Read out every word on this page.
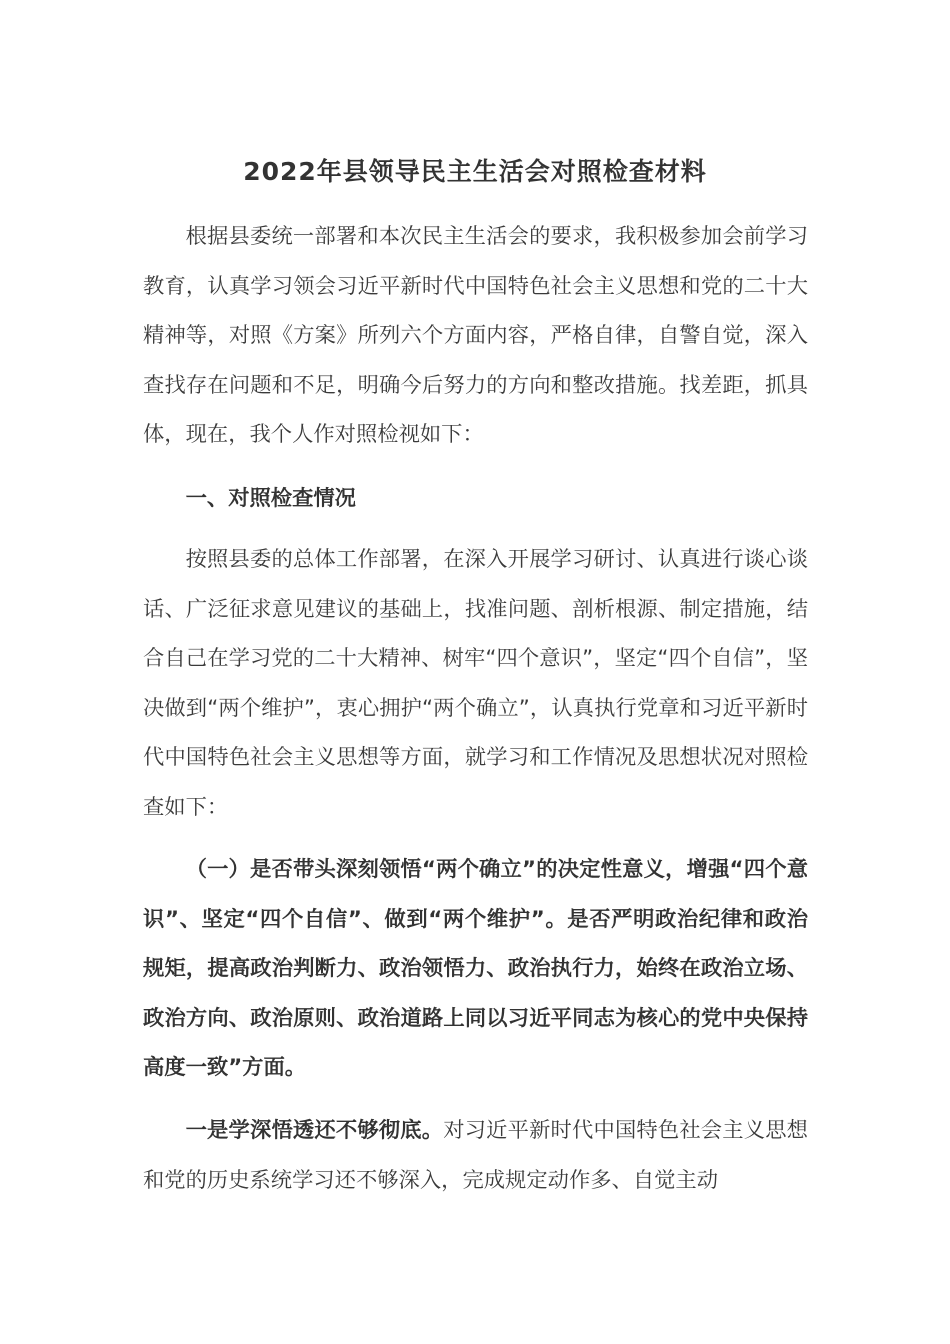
2022年县领导民主生活会对照检查材料

根据县委统一部署和本次民主生活会的要求，我积极参加会前学习教育，认真学习领会习近平新时代中国特色社会主义思想和党的二十大精神等，对照《方案》所列六个方面内容，严格自律，自警自觉，深入查找存在问题和不足，明确今后努力的方向和整改措施。找差距，抓具体，现在，我个人作对照检视如下：

一、对照检查情况

按照县委的总体工作部署，在深入开展学习研讨、认真进行谈心谈话、广泛征求意见建议的基础上，找准问题、剖析根源、制定措施，结合自己在学习党的二十大精神、树牢“四个意识”，坚定“四个自信”，坚决做到“两个维护”，衷心拥护“两个确立”，认真执行党章和习近平新时代中国特色社会主义思想等方面，就学习和工作情况及思想状况对照检查如下：

（一）是否带头深刻领悟“两个确立”的决定性意义，增强“四个意识”、坚定“四个自信”、做到“两个维护”。是否严明政治纪律和政治规矩，提高政治判断力、政治领悟力、政治执行力，始终在政治立场、政治方向、政治原则、政治道路上同以习近平同志为核心的党中央保持高度一致”方面。

一是学深悟透还不够彻底。对习近平新时代中国特色社会主义思想和党的历史系统学习还不够深入，完成规定动作多、自觉主动
